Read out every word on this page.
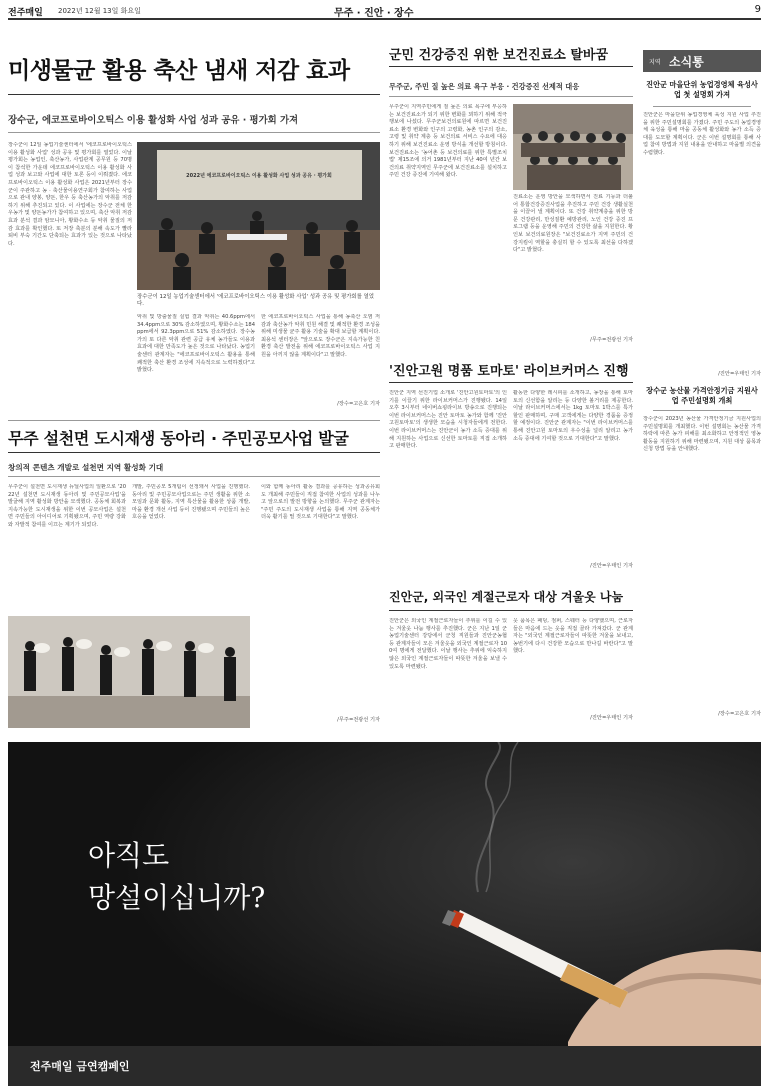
전주매일 2022년 12월 13일 화요일	무주 · 진안 · 장수	9
미생물균 활용 축산 냄새 저감 효과
장수군, 에코프로바이오틱스 이용 활성화 사업 성과 공유 · 평가회 가져
장수군이 12일 농업기술센터에서 '에코프로바이오틱스 이용 활성화 사업' 성과 공유 및 평가회를 열었다. 이날 평가회는 농업인, 축산농가, 사업관계 공무원 등 70명이 참석한 가운데 에코프로바이오틱스 이용 활성화 사업 성과 보고와 사업에 대한 토론 등이 이뤄졌다. 에코프로바이오틱스 이용 활성화 사업은 2021년부터 장수군이 주관하고 농 · 축산물이용연구회가 참여하는 사업으로 관내 양봉, 양돈, 한우 등 축산농가의 악취를 저감하기 위해 추진되고 있다. 이 사업에는 장수군 전체 한우농가 및 양돈농가가 참여하고 있으며, 축산 악취 저감 효과 분석 결과 암모니아, 황화수소 등 악취 물질의 저감 효과를 확인했다. 또 저장 축분의 분해 속도가 빨라 퇴비 부숙 기간도 단축되는 효과가 있는 것으로 나타났다.
2022년 에코프로바이오틱스 이용 활성화 사업 성과 공유 · 평가회
장수군이 12일 농업기술센터에서 '에코프로바이오틱스 이용 활성화 사업' 성과 공유 및 평가회를 열었다.
악취 및 방출물질 실험 결과 악취는 40.6ppm에서 34.4ppm으로 30% 감소하였으며, 황화수소는 184ppm에서 92.3ppm으로 51% 감소하였다. 장수농가의 또 다른 악취 관련 공급 유체 농가들도 이용과 효과에 대한 만족도가 높은 것으로 나타났다. 농업기술센터 관계자는 "에코프로바이오틱스 활용을 통해 쾌적한 축산 환경 조성에 지속적으로 노력하겠다"고 밝혔다.
한 에코프로바이오틱스 사업을 통해 농축산 오염 저감과 축산농가 악취 민원 해결 및 쾌적한 환경 조성을 위해 미생물 균주 활용 기술을 확대 보급할 계획이다. 최용석 센터장은 "앞으로도 장수군은 지속가능한 친환경 축산 발전을 위해 에코프로바이오틱스 사업 지원을 아끼지 않을 계획이다"고 말했다.
/장수=고은호 기자
군민 건강증진 위한 보건진료소 탈바꿈
무주군, 주민 질 높은 의료 욕구 부응 · 건강증진 선제적 대응
무주군이 지역주민에게 질 높은 의료 욕구에 부응하는 보건진료소가 되기 위한 변화를 꾀하기 위해 적극 행보에 나섰다. 무주군보건의료원에 따르면 보건진료소 환경 변화와 인구의 고령화, 농촌 인구의 감소, 고령 및 취약 계층 등 보건의료 서비스 수요에 대응하기 위해 보건진료소 운영 방식을 개선할 방침이다. 보건진료소는 '농어촌 등 보건의료를 위한 특별조치법' 제15조에 의거 1981년부터 지난 40여 년간 보건의료 취약지역인 무주군에 보건진료소를 설치하고 주민 건강 증진에 기여해 왔다.
진료소는 운영 방안을 모색하면서 진료 기능과 더불어 통합건강증진사업을 추진하고 주민 건강 생활실천을 이끌어 낼 계획이다. 또 건강 취약계층을 위한 방문 건강관리, 만성질환 예방관리, 노인 건강 증진 프로그램 등을 운영해 주민의 건강한 삶을 지원한다. 황인보 보건의료원장은 "보건진료소가 지역 주민의 건강지킴이 역할을 충실히 할 수 있도록 최선을 다하겠다"고 밝혔다.
/무주=전광선 기자
'진안고원 명품 토마토' 라이브커머스 진행
진안군 지역 선진기업 소개로 '진안고원토마토'의 인기를 이끌기 위한 라이브커머스가 진행됐다. 14일 오후 3시부터 네이버쇼핑라이브 방송으로 진행되는 이번 라이브커머스는 진안 토마토 농가와 함께 '진안고원토마토'의 생생한 모습을 시청자들에게 전한다. 이번 라이브커머스는 진안군이 농가 소득 증대를 위해 지원하는 사업으로 신선한 토마토를 직접 소개하고 판매한다.
활동한 다양한 레시피를 소개하고, 농장을 통해 토마토의 신선함을 알리는 등 다양한 볼거리를 제공한다. 이날 라이브커머스에서는 1kg 토마토 1박스를 특가 할인 판매하며, 구매 고객에게는 다양한 경품을 증정할 예정이다. 진안군 관계자는 "이번 라이브커머스를 통해 진안고원 토마토의 우수성을 널리 알리고 농가 소득 증대에 기여할 것으로 기대한다"고 말했다.
/진안=우태인 기자
진안군, 외국인 계절근로자 대상 겨울옷 나눔
진안군은 외국인 계절근로자들이 추위를 이길 수 있는 겨울옷 나눔 행사를 추진했다. 군은 지난 1일 군 농업기술센터 강당에서 군청 직원들과 진안군농협 등 관계자들이 모은 겨울옷을 외국인 계절근로자 100여 명에게 전달했다. 이날 행사는 추위에 익숙하지 않은 외국인 계절근로자들이 따뜻한 겨울을 보낼 수 있도록 마련됐다.
옷 품목은 패딩, 점퍼, 스웨터 등 다양했으며, 근로자들은 마음에 드는 옷을 직접 골라 가져갔다. 군 관계자는 "외국인 계절근로자들이 따뜻한 겨울을 보내고, 농번기에 다시 건강한 모습으로 만나길 바란다"고 말했다.
/진안=우태인 기자
무주 설천면 도시재생 동아리 · 주민공모사업 발굴
창의적 콘텐츠 개발로 설천면 지역 활성화 기대
무주군이 설천면 도시재생 뉴딜사업의 일환으로 '2022년 설천면 도시재생 동아리 및 주민공모사업'을 발굴해 지역 활성화 방안을 모색했다. 공동체 회복과 지속가능한 도시재생을 위한 이번 공모사업은 설천면 주민들의 아이디어로 기획됐으며, 주민 역량 강화와 자발적 참여를 이끄는 계기가 되었다.
개발, 주민공모 5개팀이 선정돼서 사업을 진행했다. 동아리 및 주민공모사업으로는 주민 생활을 위한 소모임과 문화 활동, 지역 특산물을 활용한 상품 개발, 마을 환경 개선 사업 등이 진행됐으며 주민들의 높은 호응을 얻었다.
이와 함께 동아리 활동 결과를 공유하는 성과공유회도 개최해 주민들이 직접 참여한 사업의 성과를 나누고 앞으로의 발전 방향을 논의했다. 무주군 관계자는 "주민 주도의 도시재생 사업을 통해 지역 공동체가 더욱 활기를 띨 것으로 기대한다"고 말했다.
/무주=전광선 기자
지역 소식통
진안군 마을단위 농업경영체 육성사업 첫 설명회 가져
진안군은 마을단위 농업경영체 육성 지원 사업 추진을 위한 주민설명회를 가졌다. 주민 주도의 농업경영체 육성을 통해 마을 공동체 활성화와 농가 소득 증대를 도모할 계획이다. 군은 이번 설명회를 통해 사업 참여 방법과 지원 내용을 안내하고 마을별 의견을 수렴했다.
/진안=우태인 기자
장수군 농산물 가격안정기금 지원사업 주민설명회 개최
장수군이 2023년 농산물 가격안정기금 지원사업의 주민설명회를 개최했다. 이번 설명회는 농산물 가격 하락에 따른 농가 피해를 최소화하고 안정적인 영농 활동을 지원하기 위해 마련됐으며, 지원 대상 품목과 신청 방법 등을 안내했다.
/장수=고은호 기자
아직도
망설이십니까?
전주매일 금연캠페인
